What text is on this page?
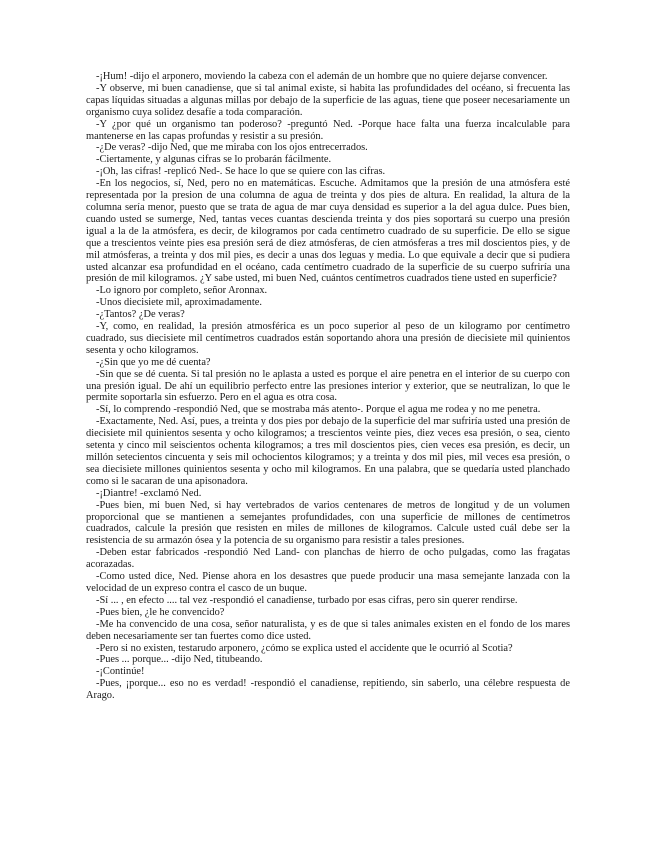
-¡Hum! -dijo el arponero, moviendo la cabeza con el ademán de un hombre que no quiere dejarse convencer.

-Y observe, mi buen canadiense, que si tal animal existe, si habita las profundidades del océano, si frecuenta las capas líquidas situadas a algunas millas por debajo de la superficie de las aguas, tiene que poseer necesariamente un organismo cuya solidez desafíe a toda comparación.

-Y ¿por qué un organismo tan poderoso? -preguntó Ned. -Porque hace falta una fuerza incalculable para mantenerse en las capas profundas y resistir a su presión.

-¿De veras? -dijo Ned, que me miraba con los ojos entrecerrados.

-Ciertamente, y algunas cifras se lo probarán fácilmente.

-¡Oh, las cifras! -replicó Ned-. Se hace lo que se quiere con las cifras.

-En los negocios, sí, Ned, pero no en matemáticas. Escuche. Admitamos que la presión de una atmósfera esté representada por la presion de una columna de agua de treinta y dos pies de altura. En realidad, la altura de la columna sería menor, puesto que se trata de agua de mar cuya densidad es superior a la del agua dulce. Pues bien, cuando usted se sumerge, Ned, tantas veces cuantas descienda treinta y dos pies soportará su cuerpo una presión igual a la de la atmósfera, es decir, de kilogramos por cada centímetro cuadrado de su superficie. De ello se sigue que a trescientos veinte pies esa presión será de diez atmósferas, de cien atmósferas a tres mil doscientos pies, y de mil atmósferas, a treinta y dos mil pies, es decir a unas dos leguas y media. Lo que equivale a decir que si pudiera usted alcanzar esa profundidad en el océano, cada centímetro cuadrado de la superficie de su cuerpo sufriría una presión de mil kilogramos. ¿Y sabe usted, mi buen Ned, cuántos centímetros cuadrados tiene usted en superficie?

-Lo ignoro por completo, señor Aronnax.

-Unos diecisiete mil, aproximadamente.

-¿Tantos? ¿De veras?

-Y, como, en realidad, la presión atmosférica es un poco superior al peso de un kilogramo por centímetro cuadrado, sus diecisiete mil centímetros cuadrados están soportando ahora una presión de diecisiete mil quinientos sesenta y ocho kilogramos.

-¿Sin que yo me dé cuenta?

-Sin que se dé cuenta. Si tal presión no le aplasta a usted es porque el aire penetra en el interior de su cuerpo con una presión igual. De ahí un equilibrio perfecto entre las presiones interior y exterior, que se neutralizan, lo que le permite soportarla sin esfuerzo. Pero en el agua es otra cosa.

-Sí, lo comprendo -respondió Ned, que se mostraba más atento-. Porque el agua me rodea y no me penetra.

-Exactamente, Ned. Así, pues, a treinta y dos pies por debajo de la superficie del mar sufriría usted una presión de diecisiete mil quinientos sesenta y ocho kilogramos; a trescientos veinte pies, diez veces esa presión, o sea, ciento setenta y cinco mil seiscientos ochenta kilogramos; a tres mil doscientos pies, cien veces esa presión, es decir, un millón setecientos cincuenta y seis mil ochocientos kilogramos; y a treinta y dos mil pies, mil veces esa presión, o sea diecisiete millones quinientos sesenta y ocho mil kilogramos. En una palabra, que se quedaría usted planchado como si le sacaran de una apisonadora.

-¡Diantre! -exclamó Ned.

-Pues bien, mi buen Ned, si hay vertebrados de varios centenares de metros de longitud y de un volumen proporcional que se mantienen a semejantes profundidades, con una superficie de millones de centímetros cuadrados, calcule la presión que resisten en miles de millones de kilogramos. Calcule usted cuál debe ser la resistencia de su armazón ósea y la potencia de su organismo para resistir a tales presiones.

-Deben estar fabricados -respondió Ned Land- con planchas de hierro de ocho pulgadas, como las fragatas acorazadas.

-Como usted dice, Ned. Piense ahora en los desastres que puede producir una masa semejante lanzada con la velocidad de un expreso contra el casco de un buque.

-Sí ... , en efecto .... tal vez -respondió el canadiense, turbado por esas cifras, pero sin querer rendirse.

-Pues bien, ¿le he convencido?

-Me ha convencido de una cosa, señor naturalista, y es de que si tales animales existen en el fondo de los mares deben necesariamente ser tan fuertes como dice usted.

-Pero si no existen, testarudo arponero, ¿cómo se explica usted el accidente que le ocurrió al Scotia?

-Pues ... porque... -dijo Ned, titubeando.

-¡Continúe!

-Pues, ¡porque... eso no es verdad! -respondió el canadiense, repitiendo, sin saberlo, una célebre respuesta de Arago.
